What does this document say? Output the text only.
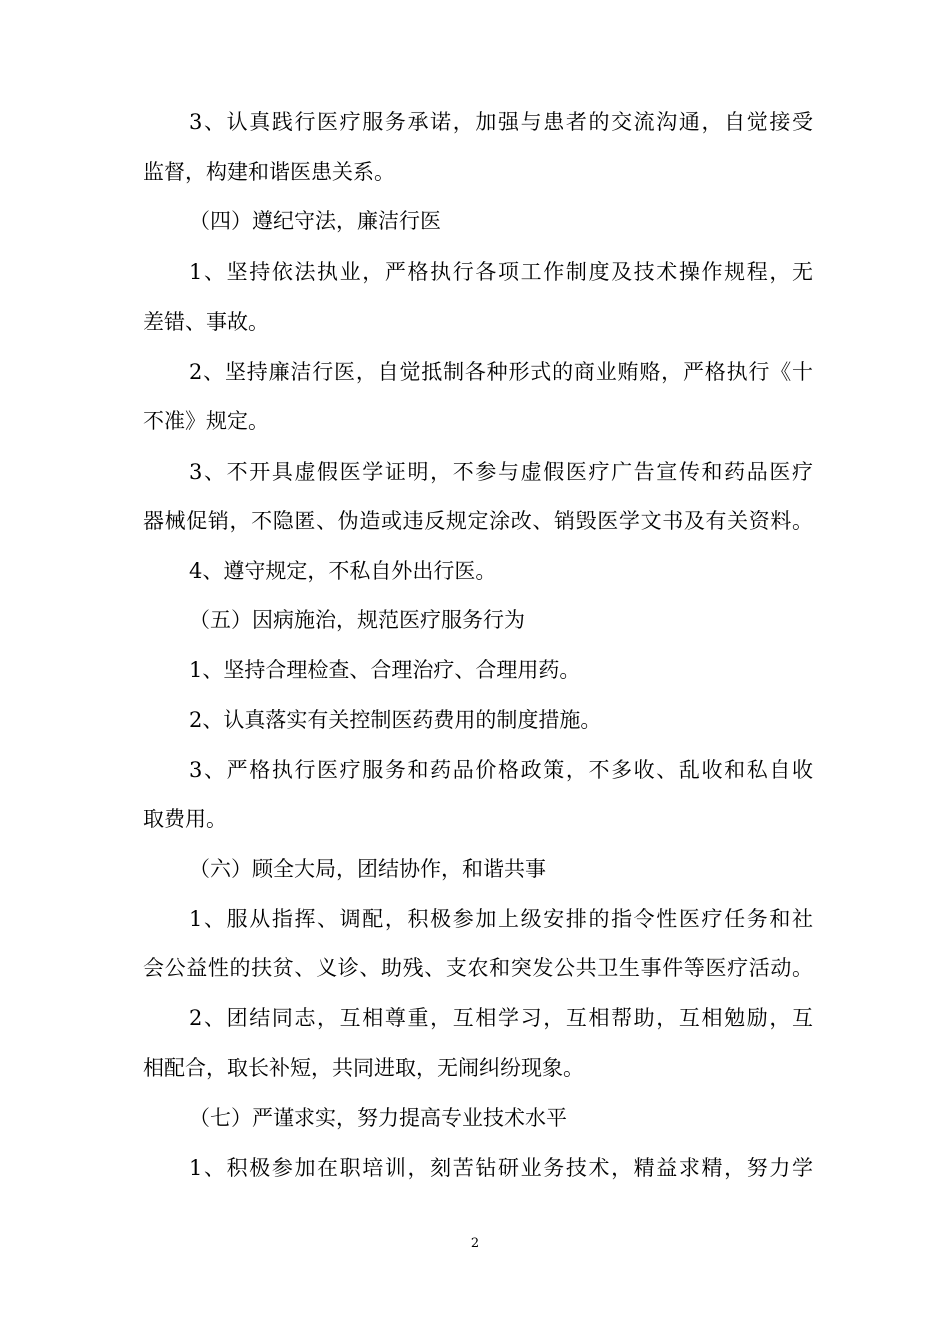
3、认真践行医疗服务承诺，加强与患者的交流沟通，自觉接受
监督，构建和谐医患关系。
（四）遵纪守法，廉洁行医
1、坚持依法执业，严格执行各项工作制度及技术操作规程，无
差错、事故。
2、坚持廉洁行医，自觉抵制各种形式的商业贿赂，严格执行《十
不准》规定。
3、不开具虚假医学证明，不参与虚假医疗广告宣传和药品医疗
器械促销，不隐匿、伪造或违反规定涂改、销毁医学文书及有关资料。
4、遵守规定，不私自外出行医。
（五）因病施治，规范医疗服务行为
1、坚持合理检查、合理治疗、合理用药。
2、认真落实有关控制医药费用的制度措施。
3、严格执行医疗服务和药品价格政策，不多收、乱收和私自收
取费用。
（六）顾全大局，团结协作，和谐共事
1、服从指挥、调配，积极参加上级安排的指令性医疗任务和社
会公益性的扶贫、义诊、助残、支农和突发公共卫生事件等医疗活动。
2、团结同志，互相尊重，互相学习，互相帮助，互相勉励，互
相配合，取长补短，共同进取，无闹纠纷现象。
（七）严谨求实，努力提高专业技术水平
1、积极参加在职培训，刻苦钻研业务技术，精益求精，努力学
2
